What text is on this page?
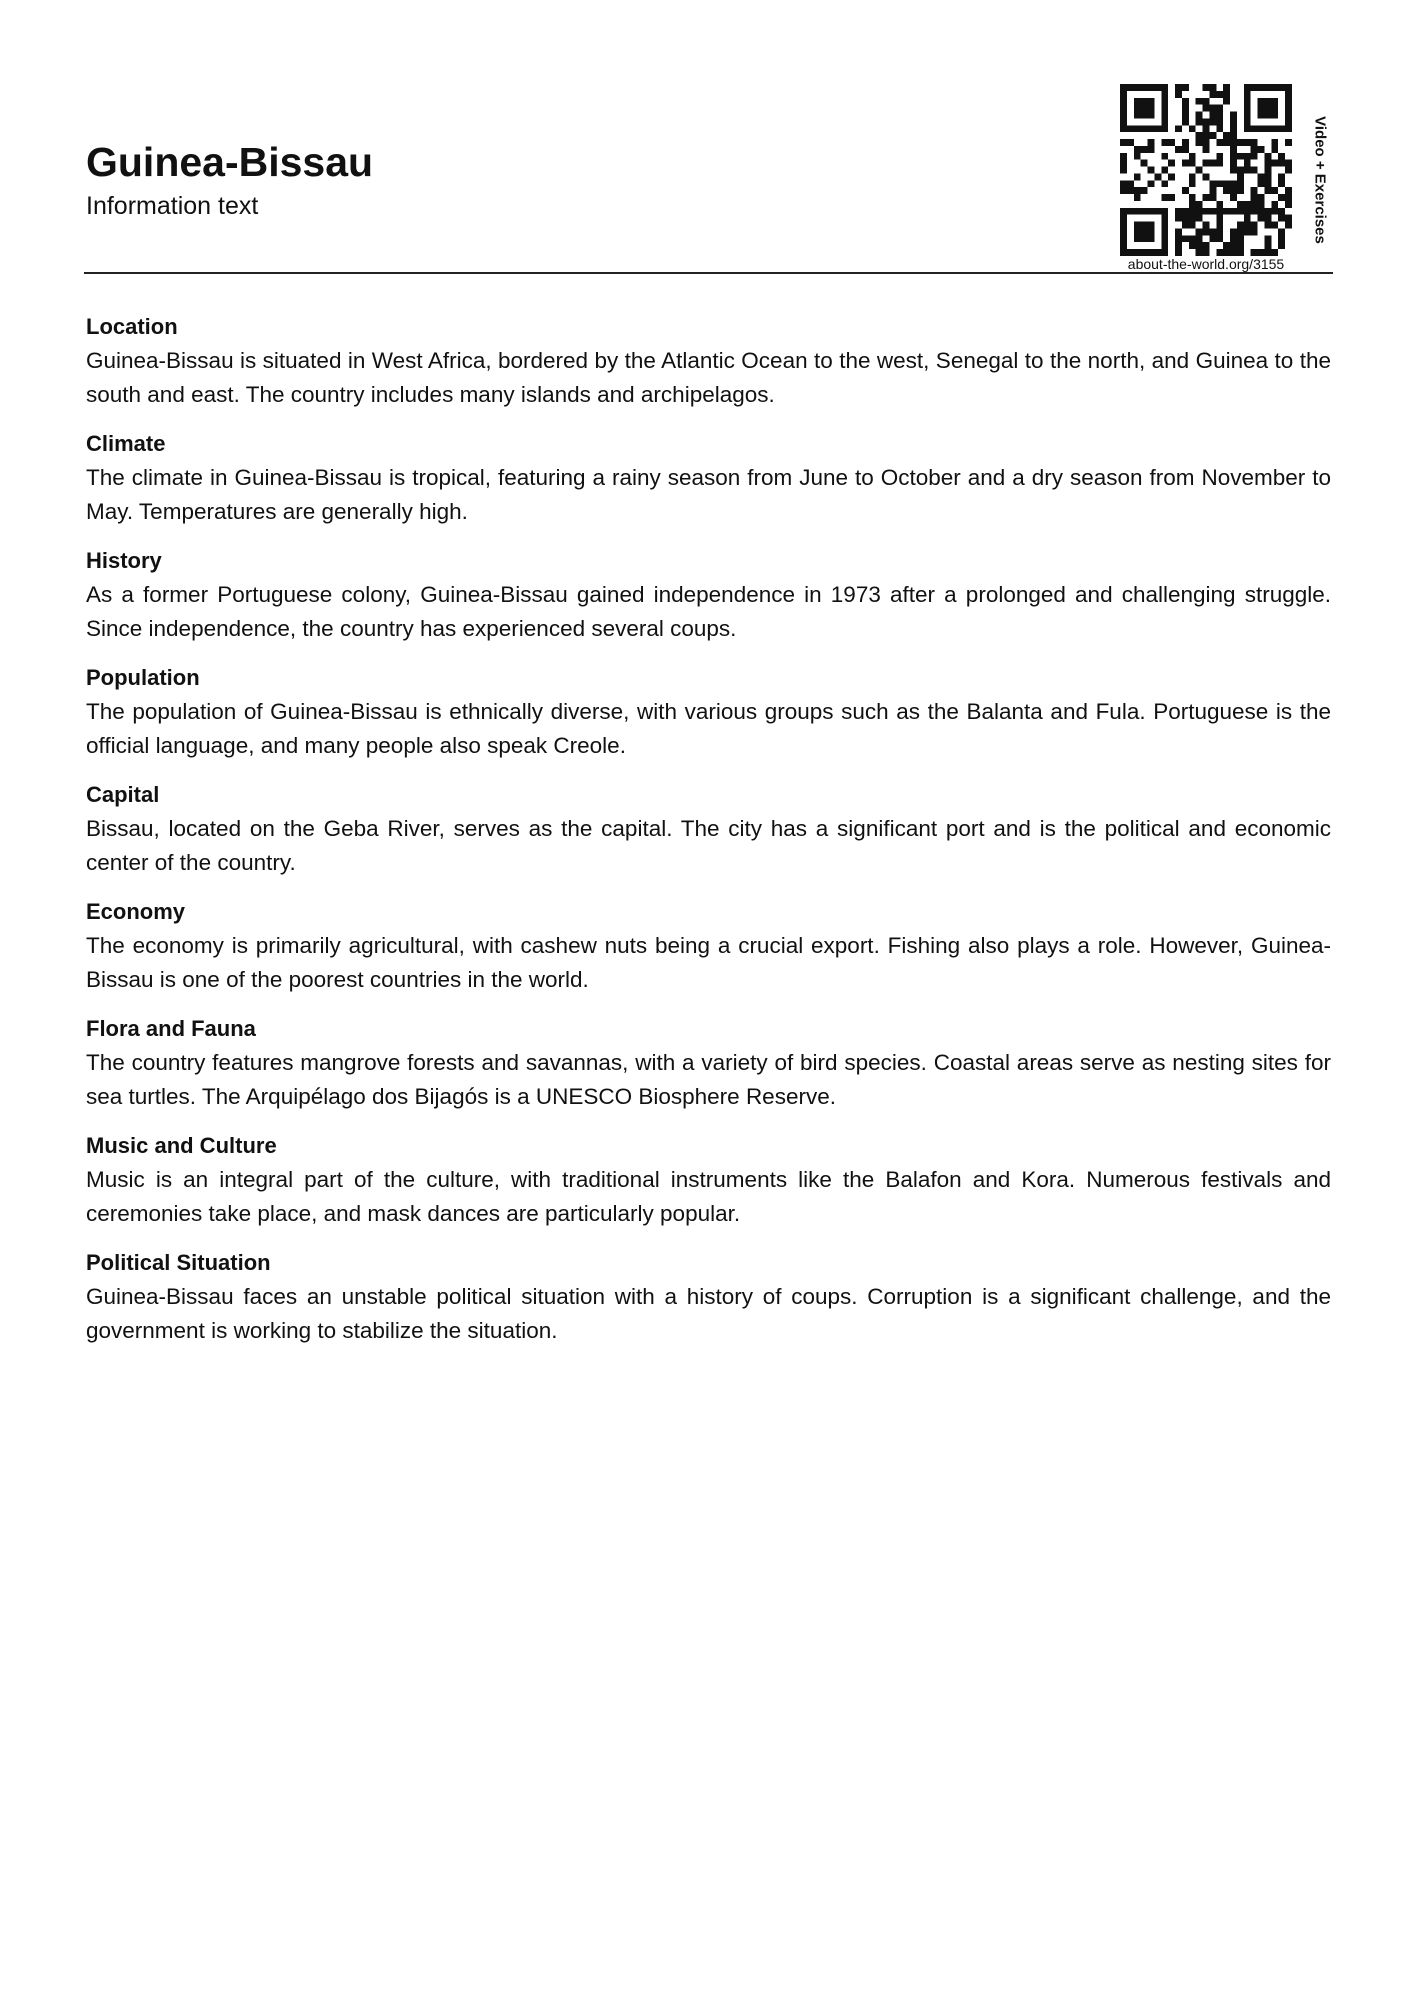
Guinea-Bissau
Information text
about-the-world.org/3155
Video + Exercises
Location

Guinea-Bissau is situated in West Africa, bordered by the Atlantic Ocean to the west, Senegal to the north, and Guinea to the south and east. The country includes many islands and archipelagos.

Climate

The climate in Guinea-Bissau is tropical, featuring a rainy season from June to October and a dry season from November to May. Temperatures are generally high.

History

As a former Portuguese colony, Guinea-Bissau gained independence in 1973 after a prolonged and challenging struggle. Since independence, the country has experienced several coups.

Population

The population of Guinea-Bissau is ethnically diverse, with various groups such as the Balanta and Fula. Portuguese is the official language, and many people also speak Creole.

Capital

Bissau, located on the Geba River, serves as the capital. The city has a significant port and is the political and economic center of the country.

Economy

The economy is primarily agricultural, with cashew nuts being a crucial export. Fishing also plays a role. However, Guinea-Bissau is one of the poorest countries in the world.

Flora and Fauna

The country features mangrove forests and savannas, with a variety of bird species. Coastal areas serve as nesting sites for sea turtles. The Arquipélago dos Bijagós is a UNESCO Biosphere Reserve.

Music and Culture

Music is an integral part of the culture, with traditional instruments like the Balafon and Kora. Numerous festivals and ceremonies take place, and mask dances are particularly popular.

Political Situation

Guinea-Bissau faces an unstable political situation with a history of coups. Corruption is a significant challenge, and the government is working to stabilize the situation.
